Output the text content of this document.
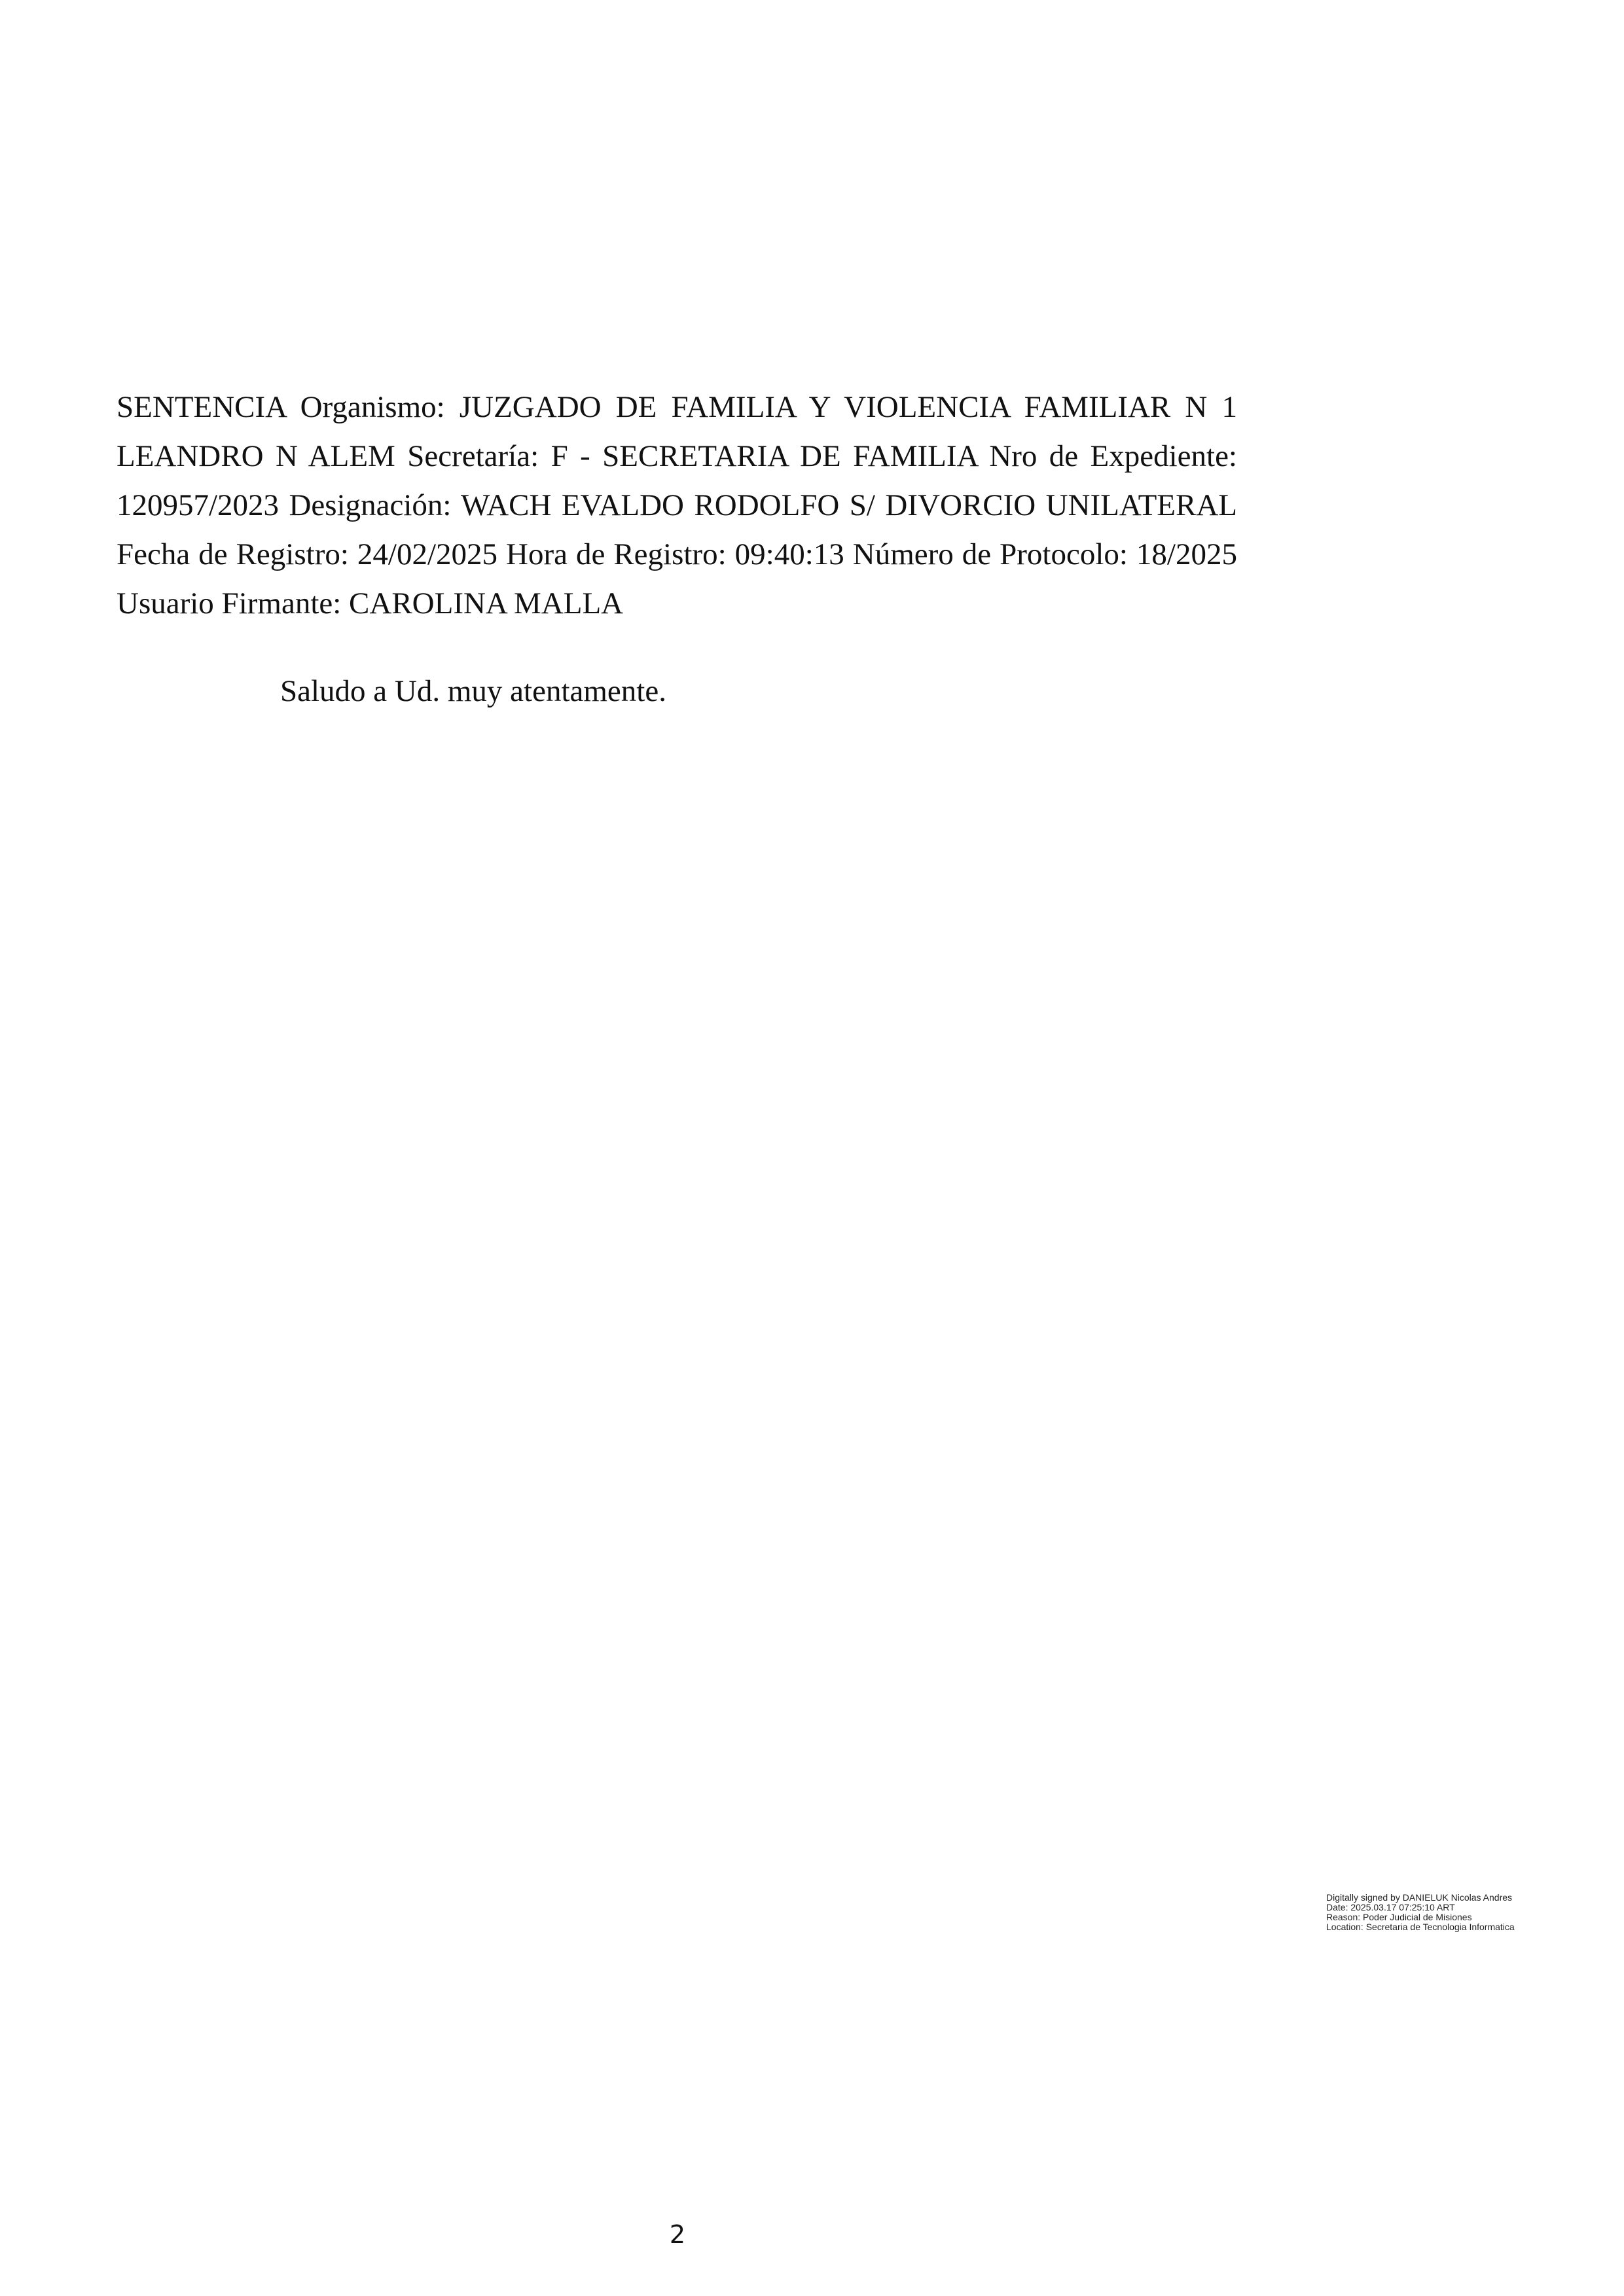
SENTENCIA Organismo: JUZGADO DE FAMILIA Y VIOLENCIA FAMILIAR N 1 LEANDRO N ALEM Secretaría: F - SECRETARIA DE FAMILIA Nro de Expediente: 120957/2023 Designación: WACH EVALDO RODOLFO S/ DIVORCIO UNILATERAL Fecha de Registro: 24/02/2025 Hora de Registro: 09:40:13 Número de Protocolo: 18/2025 Usuario Firmante: CAROLINA MALLA

Saludo a Ud. muy atentamente.

Digitally signed by DANIELUK Nicolas Andres
Date: 2025.03.17 07:25:10 ART
Reason: Poder Judicial de Misiones
Location: Secretaria de Tecnologia Informatica
2
